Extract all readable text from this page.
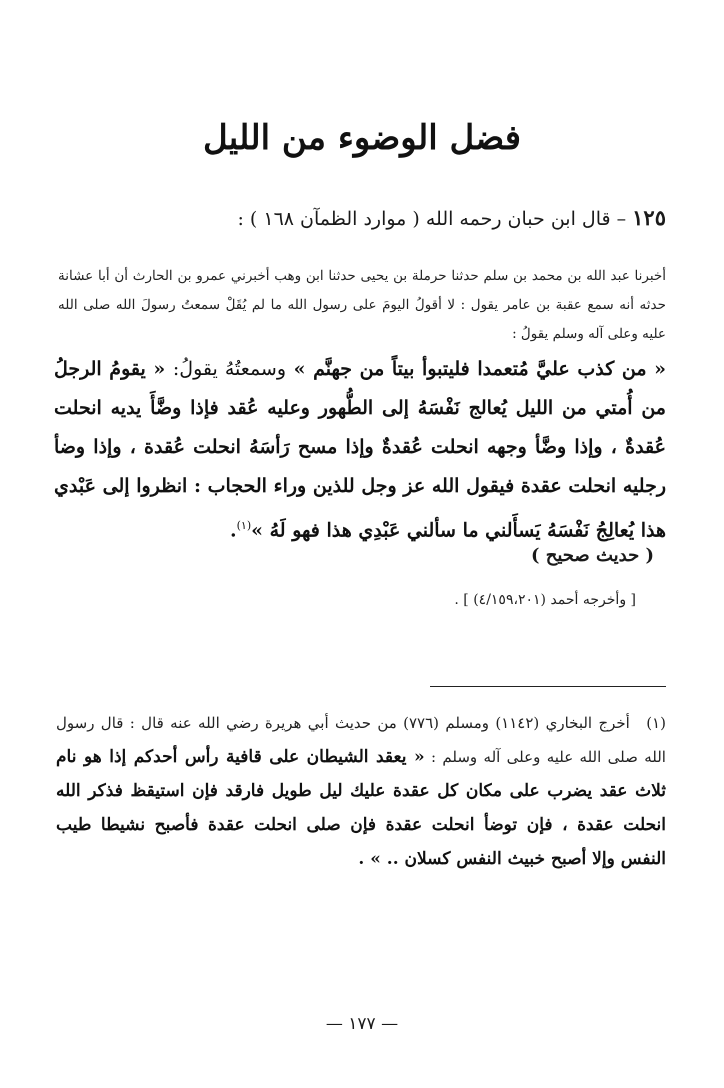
فضل الوضوء من الليل
١٢٥ – قال ابن حبان رحمه الله ( موارد الظمآن ١٦٨ ) :
أخبرنا عبد الله بن محمد بن سلم حدثنا حرملة بن يحيى حدثنا ابن وهب أخبرني عمرو بن الحارث أن أبا عشانة حدثه أنه سمع عقبة بن عامر يقول : لا أقولُ اليومَ على رسول الله ما لم يُقَلْ سمعتُ رسولَ الله صلى الله عليه وعلى آله وسلم يقولُ :
« من كذب عليَّ مُتعمدا فليتبوأ بيتاً من جهنَّم » وسمعتُهُ يقولُ: « يقومُ الرجلُ من أُمتي من الليل يُعالج نَفْسَهُ إلى الطُّهور وعليه عُقد فإذا وضَّأَ يديه انحلت عُقدةٌ ، وإذا وضَّأ وجهه انحلت عُقدةٌ وإذا مسح رَأسَهُ انحلت عُقدة ، وإذا وضأ رجليه انحلت عقدة فيقول الله عز وجل للذين وراء الحجاب : انظروا إلى عَبْدي هذا يُعالِجُ نَفْسَهُ يَسأَلني ما سألني عَبْدِي هذا فهو لَهُ »$^{(١)}$.
( حديث صحيح )
[ وأخرجه أحمد (٤/١٥٩،٢٠١) ] .
(١) أخرج البخاري (١١٤٢) ومسلم (٧٧٦) من حديث أبي هريرة رضي الله عنه قال : قال رسول الله صلى الله عليه وعلى آله وسلم : « يعقد الشيطان على قافية رأس أحدكم إذا هو نام ثلاث عقد يضرب على مكان كل عقدة عليك ليل طويل فارقد فإن استيقظ فذكر الله انحلت عقدة ، فإن توضأ انحلت عقدة فإن صلى انحلت عقدة فأصبح نشيطا طيب النفس وإلا أصبح خبيث النفس كسلان .. » .
— ١٧٧ —
